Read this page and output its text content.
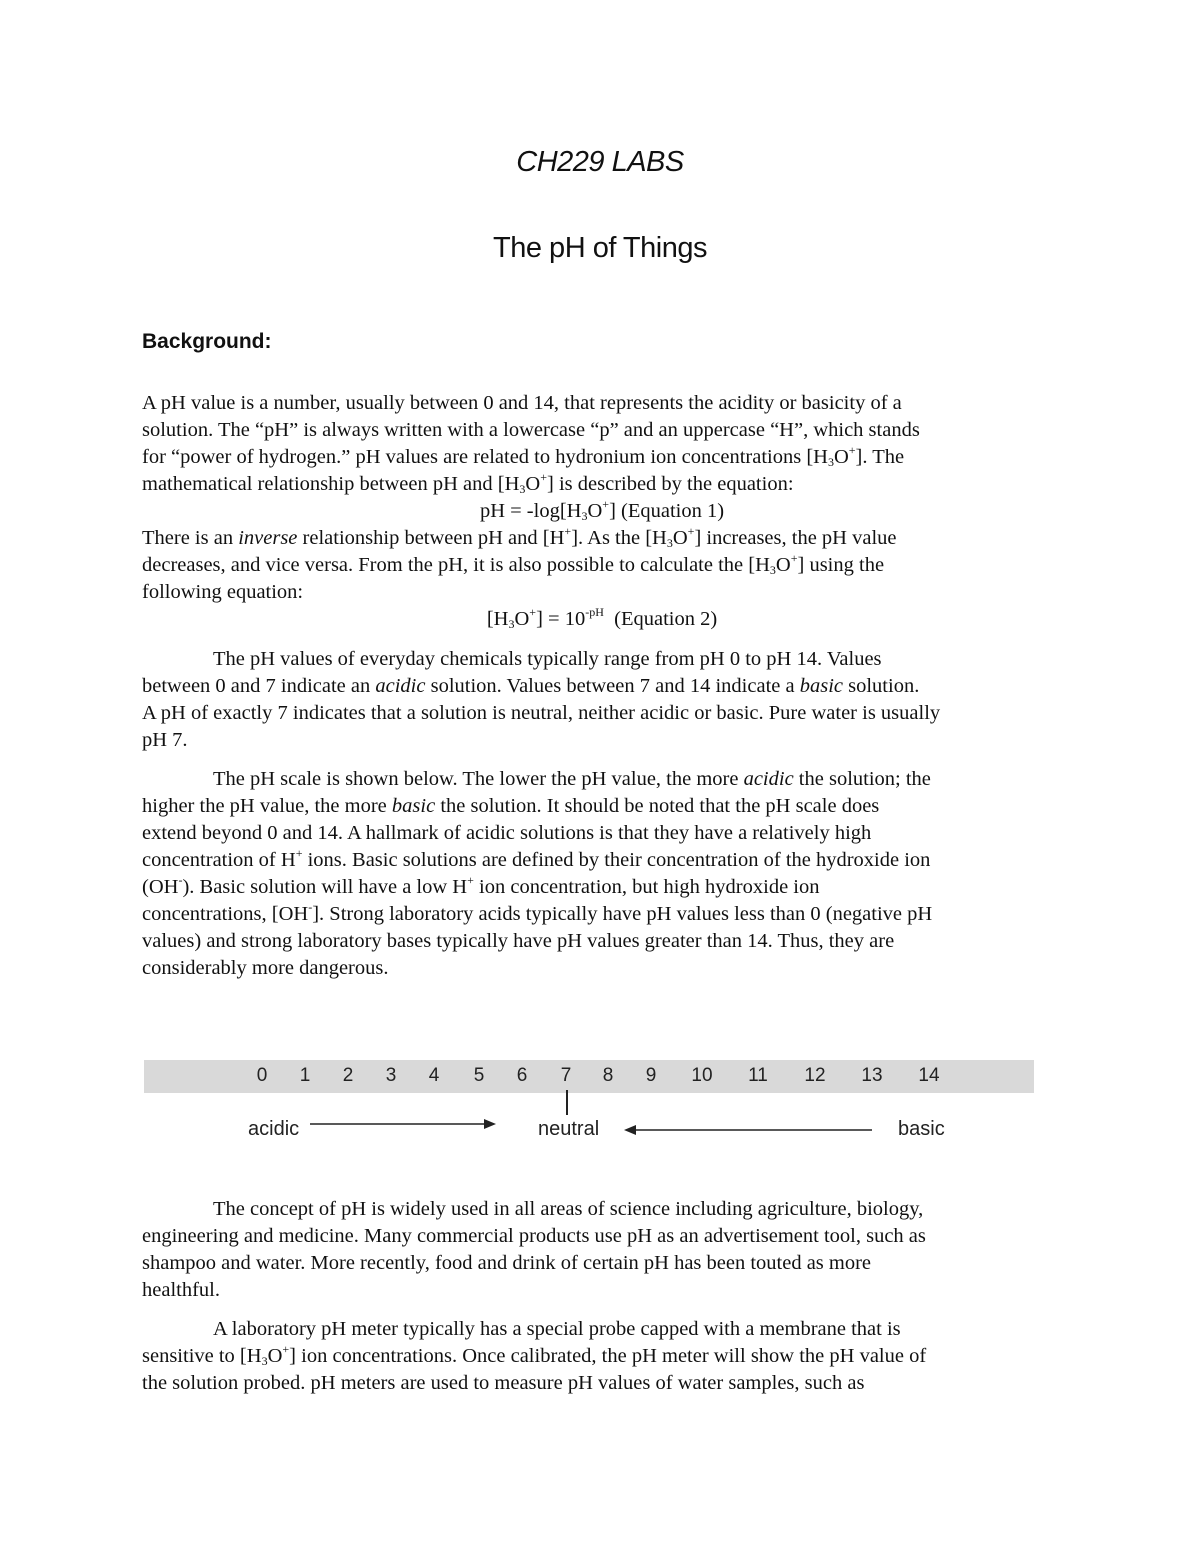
CH229 LABS
The pH of Things
Background:
A pH value is a number, usually between 0 and 14, that represents the acidity or basicity of a
solution. The “pH” is always written with a lowercase “p” and an uppercase “H”, which stands
for “power of hydrogen.” pH values are related to hydronium ion concentrations $[H_3O^+]$. The
mathematical relationship between pH and $[H_3O^+]$ is described by the equation:
pH = $-\log[H_3O^+]$ (Equation 1)
There is an inverse relationship between pH and [H+]. As the $[H_3O^+]$ increases, the pH value
decreases, and vice versa. From the pH, it is also possible to calculate the $[H_3O^+]$ using the
following equation:
$[H_3O^+] = 10^{-pH}$  (Equation 2)
The pH values of everyday chemicals typically range from pH 0 to pH 14. Values
between 0 and 7 indicate an acidic solution. Values between 7 and 14 indicate a basic solution.
A pH of exactly 7 indicates that a solution is neutral, neither acidic or basic. Pure water is usually
pH 7.
The pH scale is shown below. The lower the pH value, the more acidic the solution; the
higher the pH value, the more basic the solution. It should be noted that the pH scale does
extend beyond 0 and 14. A hallmark of acidic solutions is that they have a relatively high
concentration of H+ ions. Basic solutions are defined by their concentration of the hydroxide ion
(OH-). Basic solution will have a low H+ ion concentration, but high hydroxide ion
concentrations, [OH-]. Strong laboratory acids typically have pH values less than 0 (negative pH
values) and strong laboratory bases typically have pH values greater than 14. Thus, they are
considerably more dangerous.
0	1	2	3	4	5	6	7	8	9	10	11	12	13	14
acidic	neutral	basic
The concept of pH is widely used in all areas of science including agriculture, biology,
engineering and medicine. Many commercial products use pH as an advertisement tool, such as
shampoo and water. More recently, food and drink of certain pH has been touted as more
healthful.
A laboratory pH meter typically has a special probe capped with a membrane that is
sensitive to $[H_3O^+]$ ion concentrations. Once calibrated, the pH meter will show the pH value of
the solution probed. pH meters are used to measure pH values of water samples, such as
